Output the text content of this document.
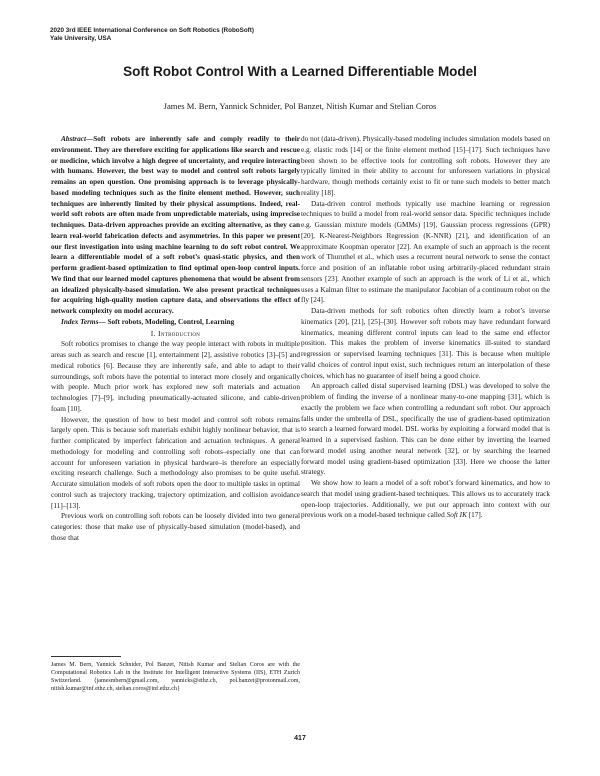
2020 3rd IEEE International Conference on Soft Robotics (RoboSoft)
Yale University, USA
Soft Robot Control With a Learned Differentiable Model
James M. Bern, Yannick Schnider, Pol Banzet, Nitish Kumar and Stelian Coros

Abstract—Soft robots are inherently safe and comply readily to their environment. They are therefore exciting for applications like search and rescue or medicine, which involve a high degree of uncertainty, and require interacting with humans. However, the best way to model and control soft robots largely remains an open question. One promising approach is to leverage physically-based modeling techniques such as the finite element method. However, such techniques are inherently limited by their physical assumptions. Indeed, real-world soft robots are often made from unpredictable materials, using imprecise techniques. Data-driven approaches provide an exciting alternative, as they can learn real-world fabrication defects and asymmetries. In this paper we present our first investigation into using machine learning to do soft robot control. We learn a differentiable model of a soft robot’s quasi-static physics, and then perform gradient-based optimization to find optimal open-loop control inputs. We find that our learned model captures phenomena that would be absent from an idealized physically-based simulation. We also present practical techniques for acquiring high-quality motion capture data, and observations the effect of network complexity on model accuracy.

Index Terms— Soft robots, Modeling, Control, Learning
I. Introduction

Soft robotics promises to change the way people interact with robots in multiple areas such as search and rescue [1], entertainment [2], assistive robotics [3]–[5] and medical robotics [6]. Because they are inherently safe, and able to adapt to their surroundings, soft robots have the potential to interact more closely and organically with people. Much prior work has explored new soft materials and actuation technologies [7]–[9], including pneumatically-actuated silicone, and cable-driven foam [10].

However, the question of how to best model and control soft robots remains largely open. This is because soft materials exhibit highly nonlinear behavior, that is further complicated by imperfect fabrication and actuation techniques. A general methodology for modeling and controlling soft robots–especially one that can account for unforeseen variation in physical hardware–is therefore an especially exciting research challenge. Such a methodology also promises to be quite useful. Accurate simulation models of soft robots open the door to multiple tasks in optimal control such as trajectory tracking, trajectory optimization, and collision avoidance [11]–[13].

Previous work on controlling soft robots can be loosely divided into two general categories: those that make use of physically-based simulation (model-based), and those that

James M. Bern, Yannick Schnider, Pol Banzet, Nitish Kumar and Stelian Coros are with the Computational Robotics Lab in the Institute for Intelligent Interactive Systems (IIS), ETH Zurich Switzerland. {jamesmbern@gmail.com, yannicks@ethz.ch, pol.banzet@protonmail.com, nitish.kumar@inf.ethz.ch, stelian.coros@inf.ethz.ch}

do not (data-driven). Physically-based modeling includes simulation models based on e.g. elastic rods [14] or the finite element method [15]–[17]. Such techniques have been shown to be effective tools for controlling soft robots. However they are typically limited in their ability to account for unforeseen variations in physical hardware, though methods certainly exist to fit or tune such models to better match reality [18].

Data-driven control methods typically use machine learning or regression techniques to build a model from real-world sensor data. Specific techniques include e.g. Gaussian mixture models (GMMs) [19], Gaussian process regressions (GPR) [20], K-Nearest-Neighbors Regression (K-NNR) [21], and identification of an approximate Koopman operator [22]. An example of such an approach is the recent work of Thuruthel et al., which uses a recurrent neural network to sense the contact force and position of an inflatable robot using arbitrarily-placed redundant strain sensors [23]. Another example of such an approach is the work of Li et al., which uses a Kalman filter to estimate the manipulator Jacobian of a continuum robot on the fly [24].

Data-driven methods for soft robotics often directly learn a robot’s inverse kinematics [20], [21], [25]–[30]. However soft robots may have redundant forward kinematics, meaning different control inputs can lead to the same end effector position. This makes the problem of inverse kinematics ill-suited to standard regression or supervised learning techniques [31]. This is because when multiple valid choices of control input exist, such techniques return an interpolation of these choices, which has no guarantee of itself being a good choice.

An approach called distal supervised learning (DSL) was developed to solve the problem of finding the inverse of a nonlinear many-to-one mapping [31], which is exactly the problem we face when controlling a redundant soft robot. Our approach falls under the umbrella of DSL, specifically the use of gradient-based optimization to search a learned forward model. DSL works by exploiting a forward model that is learned in a supervised fashion. This can be done either by inverting the learned forward model using another neural network [32], or by searching the learned forward model using gradient-based optimization [33]. Here we choose the latter strategy.

We show how to learn a model of a soft robot’s forward kinematics, and how to search that model using gradient-based techniques. This allows us to accurately track open-loop trajectories. Additionally, we put our approach into context with our previous work on a model-based technique called Soft IK [17].

417
